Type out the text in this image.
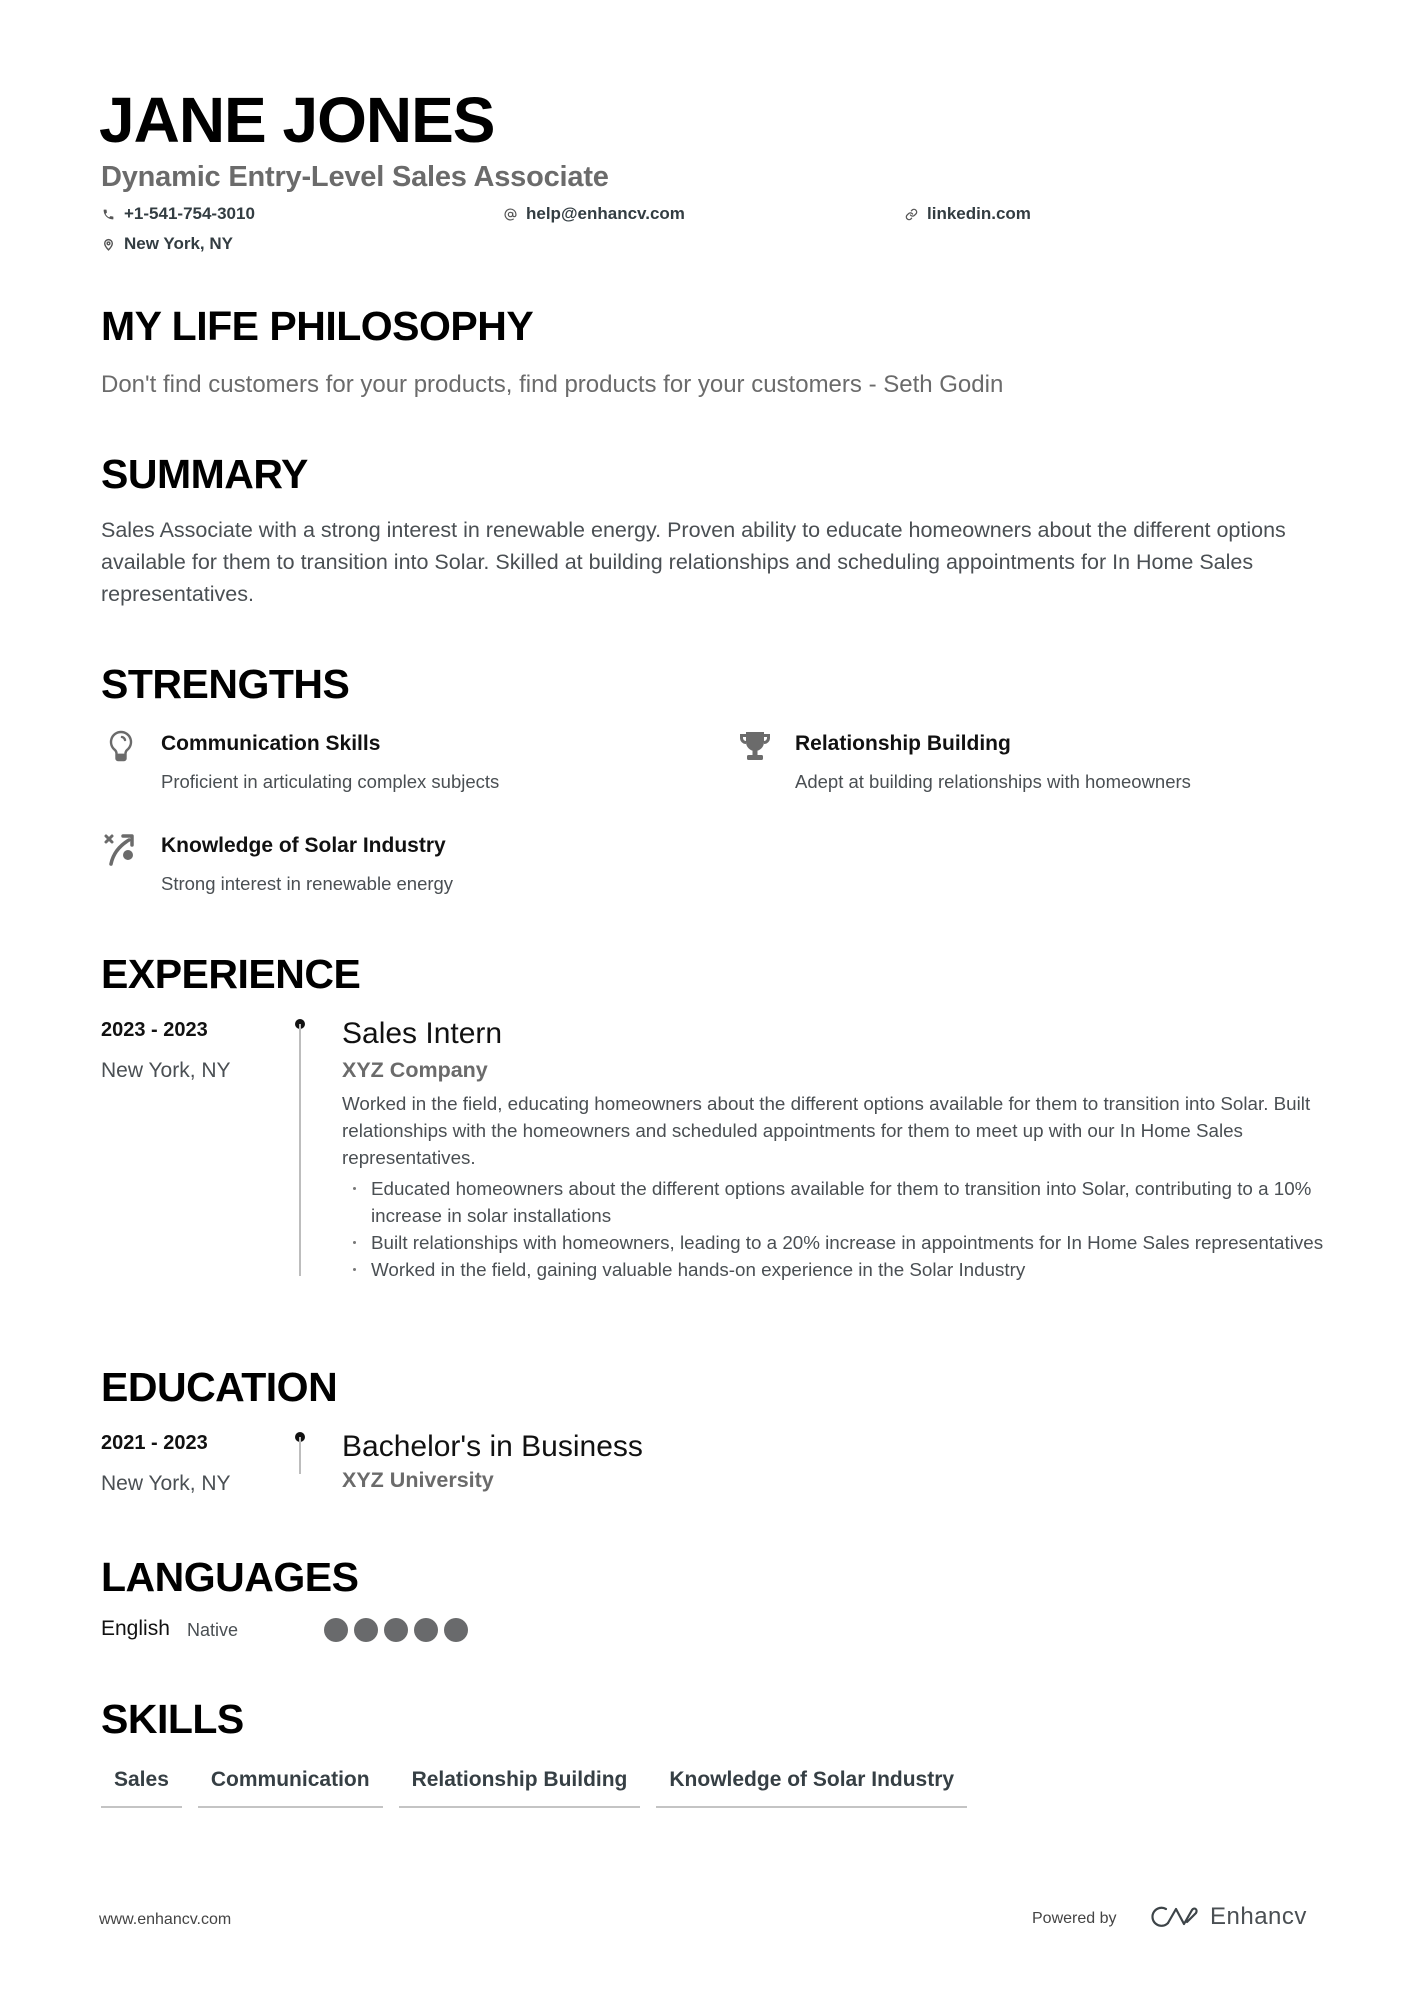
JANE JONES
Dynamic Entry-Level Sales Associate
+1-541-754-3010	help@enhancv.com	linkedin.com
New York, NY
MY LIFE PHILOSOPHY
Don't find customers for your products, find products for your customers - Seth Godin
SUMMARY
Sales Associate with a strong interest in renewable energy. Proven ability to educate homeowners about the different options available for them to transition into Solar. Skilled at building relationships and scheduling appointments for In Home Sales representatives.
STRENGTHS
Communication Skills
Proficient in articulating complex subjects
Relationship Building
Adept at building relationships with homeowners
Knowledge of Solar Industry
Strong interest in renewable energy
EXPERIENCE
2023 - 2023
New York, NY
Sales Intern
XYZ Company
Worked in the field, educating homeowners about the different options available for them to transition into Solar. Built relationships with the homeowners and scheduled appointments for them to meet up with our In Home Sales representatives.
Educated homeowners about the different options available for them to transition into Solar, contributing to a 10% increase in solar installations
Built relationships with homeowners, leading to a 20% increase in appointments for In Home Sales representatives
Worked in the field, gaining valuable hands-on experience in the Solar Industry
EDUCATION
2021 - 2023
New York, NY
Bachelor's in Business
XYZ University
LANGUAGES
English Native
SKILLS
Sales	Communication	Relationship Building	Knowledge of Solar Industry
www.enhancv.com	Powered by	Enhancv
